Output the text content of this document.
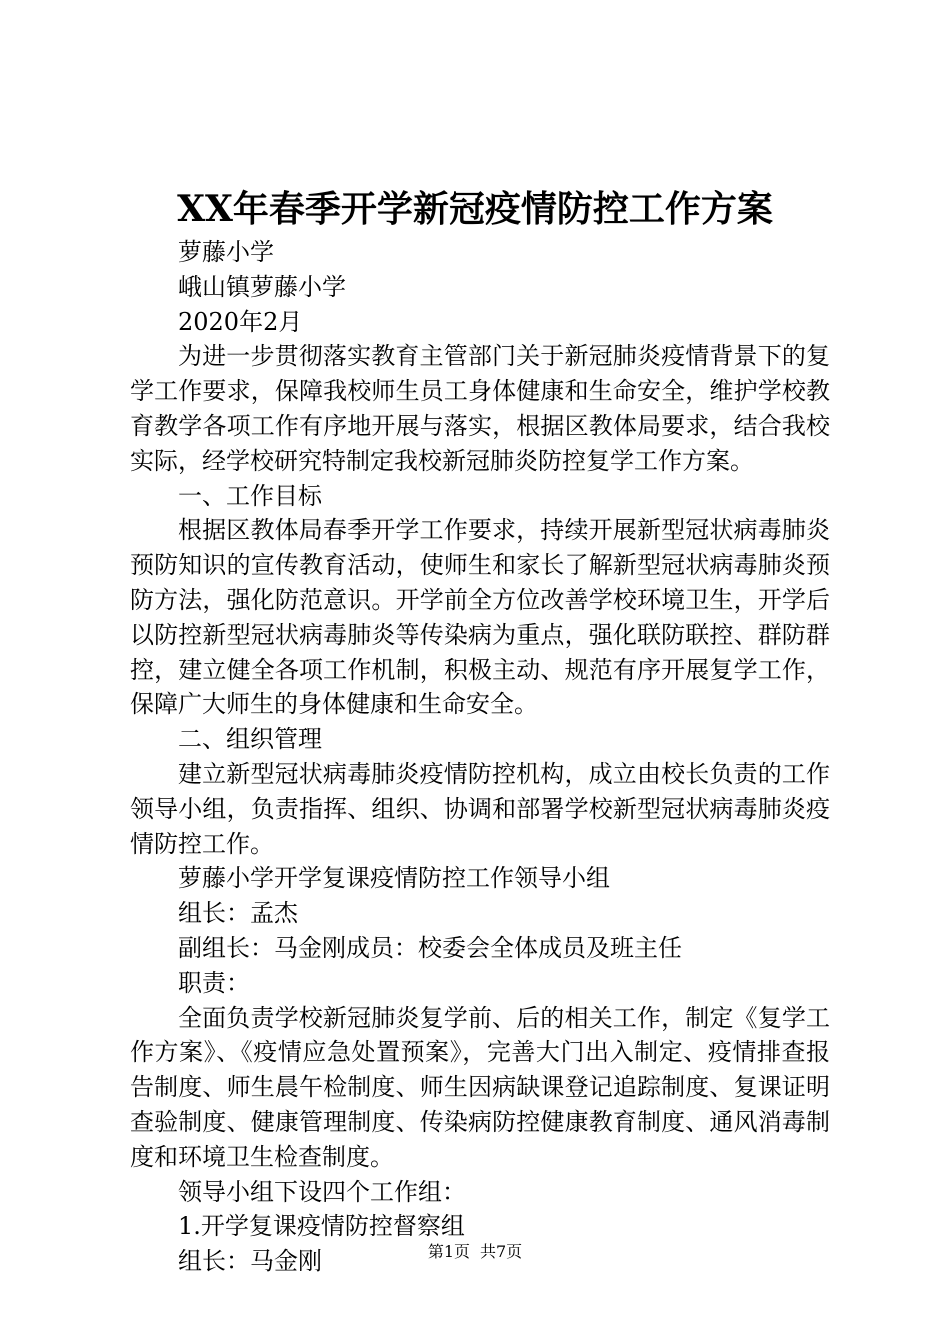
XX年春季开学新冠疫情防控工作方案
萝藤小学
峨山镇萝藤小学
2020年2月
为进一步贯彻落实教育主管部门关于新冠肺炎疫情背景下的复学工作要求，保障我校师生员工身体健康和生命安全，维护学校教育教学各项工作有序地开展与落实，根据区教体局要求，结合我校实际，经学校研究特制定我校新冠肺炎防控复学工作方案。
一、工作目标
根据区教体局春季开学工作要求，持续开展新型冠状病毒肺炎预防知识的宣传教育活动，使师生和家长了解新型冠状病毒肺炎预防方法，强化防范意识。开学前全方位改善学校环境卫生，开学后以防控新型冠状病毒肺炎等传染病为重点，强化联防联控、群防群控，建立健全各项工作机制，积极主动、规范有序开展复学工作，保障广大师生的身体健康和生命安全。
二、组织管理
建立新型冠状病毒肺炎疫情防控机构，成立由校长负责的工作领导小组，负责指挥、组织、协调和部署学校新型冠状病毒肺炎疫情防控工作。
萝藤小学开学复课疫情防控工作领导小组
组长：孟杰
副组长：马金刚成员：校委会全体成员及班主任
职责：
全面负责学校新冠肺炎复学前、后的相关工作，制定《复学工作方案》、《疫情应急处置预案》，完善大门出入制定、疫情排查报告制度、师生晨午检制度、师生因病缺课登记追踪制度、复课证明查验制度、健康管理制度、传染病防控健康教育制度、通风消毒制度和环境卫生检查制度。
领导小组下设四个工作组：
1.开学复课疫情防控督察组
组长：马金刚	第1页 共7页
